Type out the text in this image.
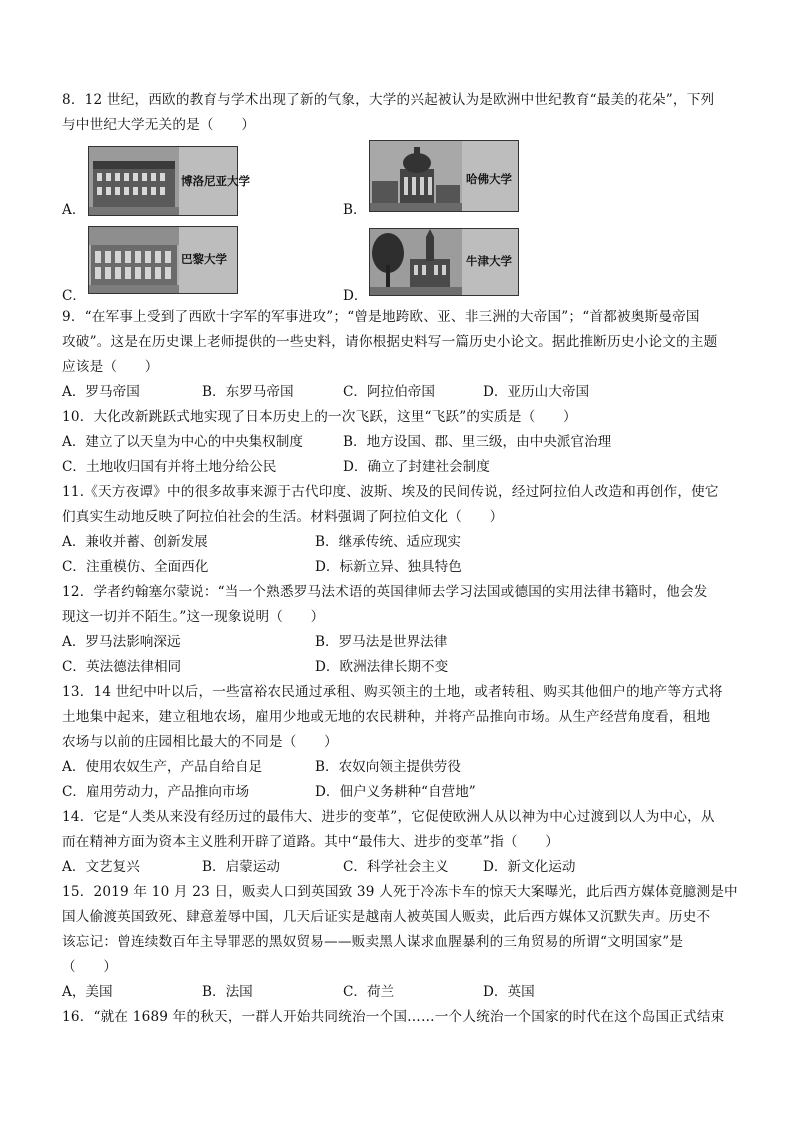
8．12 世纪，西欧的教育与学术出现了新的气象，大学的兴起被认为是欧洲中世纪教育“最美的花朵”，下列
与中世纪大学无关的是（　　）
A．
博洛尼亚大学
B．
哈佛大学
C．
巴黎大学
D．
牛津大学
9．“在军事上受到了西欧十字军的军事进攻”；“曾是地跨欧、亚、非三洲的大帝国”；“首都被奥斯曼帝国
攻破”。这是在历史课上老师提供的一些史料，请你根据史料写一篇历史小论文。据此推断历史小论文的主题
应该是（　　）
A．罗马帝国	B．东罗马帝国	C．阿拉伯帝国	D．亚历山大帝国
10．大化改新跳跃式地实现了日本历史上的一次飞跃，这里“飞跃”的实质是（　　）
A．建立了以天皇为中心的中央集权制度	B．地方设国、郡、里三级，由中央派官治理
C．土地收归国有并将土地分给公民	D．确立了封建社会制度
11.《天方夜谭》中的很多故事来源于古代印度、波斯、埃及的民间传说，经过阿拉伯人改造和再创作，使它
们真实生动地反映了阿拉伯社会的生活。材料强调了阿拉伯文化（　　）
A．兼收并蓄、创新发展	B．继承传统、适应现实
C．注重模仿、全面西化	D．标新立异、独具特色
12．学者约翰塞尔蒙说：“当一个熟悉罗马法术语的英国律师去学习法国或德国的实用法律书籍时，他会发
现这一切并不陌生。”这一现象说明（　　）
A．罗马法影响深远	B．罗马法是世界法律
C．英法德法律相同	D．欧洲法律长期不变
13．14 世纪中叶以后，一些富裕农民通过承租、购买领主的土地，或者转租、购买其他佃户的地产等方式将
土地集中起来，建立租地农场，雇用少地或无地的农民耕种，并将产品推向市场。从生产经营角度看，租地
农场与以前的庄园相比最大的不同是（　　）
A．使用农奴生产，产品自给自足	B．农奴向领主提供劳役
C．雇用劳动力，产品推向市场	D．佃户义务耕种“自营地”
14．它是“人类从来没有经历过的最伟大、进步的变革”，它促使欧洲人从以神为中心过渡到以人为中心，从
而在精神方面为资本主义胜利开辟了道路。其中“最伟大、进步的变革”指（　　）
A．文艺复兴	B．启蒙运动	C．科学社会主义	D．新文化运动
15．2019 年 10 月 23 日，贩卖人口到英国致 39 人死于冷冻卡车的惊天大案曝光，此后西方媒体竟臆测是中
国人偷渡英国致死、肆意羞辱中国，几天后证实是越南人被英国人贩卖，此后西方媒体又沉默失声。历史不
该忘记：曾连续数百年主导罪恶的黑奴贸易——贩卖黑人谋求血腥暴利的三角贸易的所谓“文明国家”是
（　　）
A，美国	B．法国	C．荷兰	D．英国
16．“就在 1689 年的秋天，一群人开始共同统治一个国……一个人统治一个国家的时代在这个岛国正式结束
